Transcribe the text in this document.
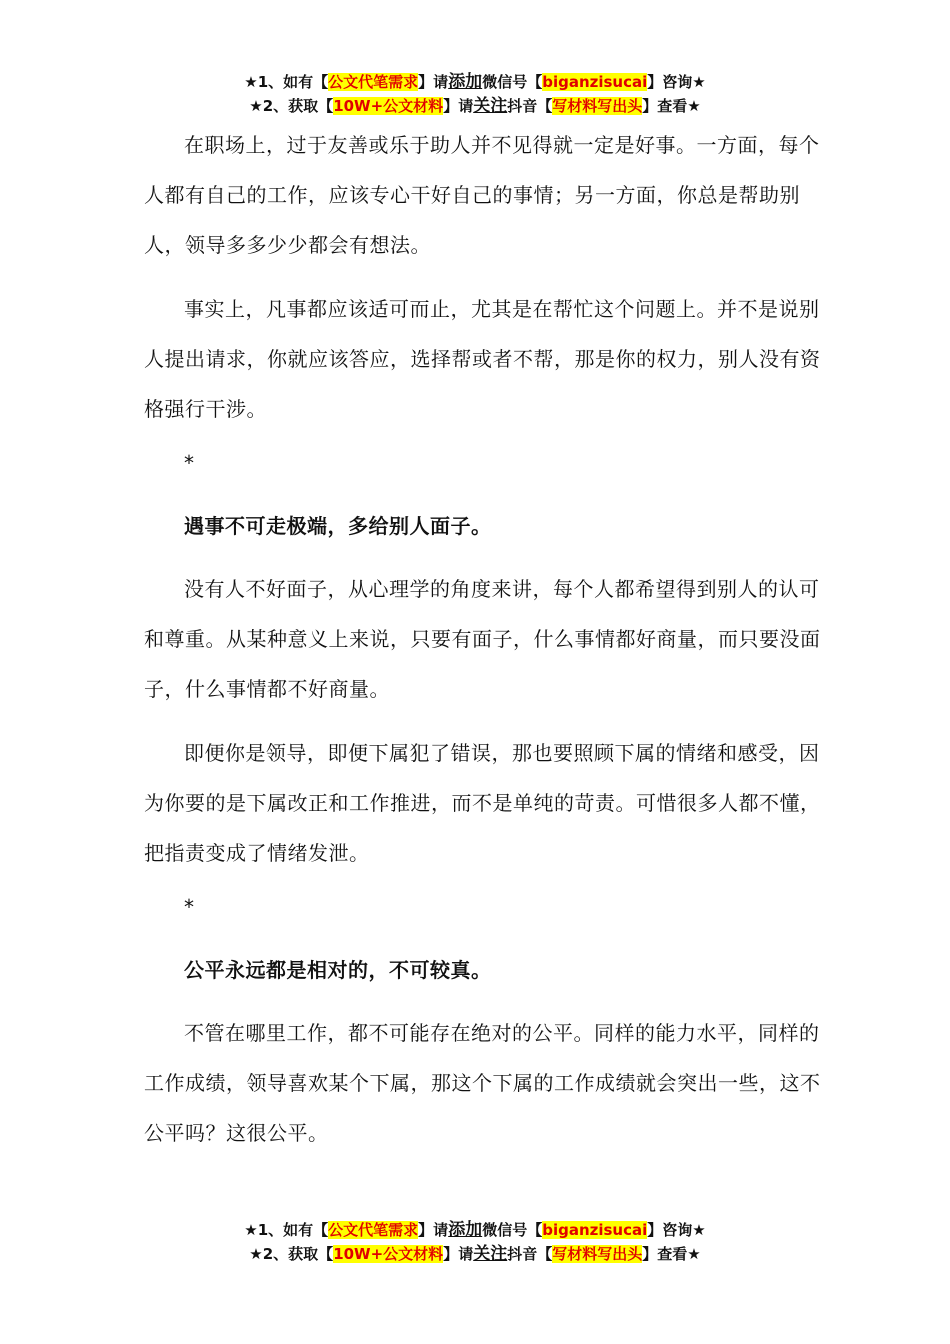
★1、如有【公文代笔需求】请添加微信号【biganzisucai】咨询★
★2、获取【10W+公文材料】请关注抖音【写材料写出头】查看★

在职场上，过于友善或乐于助人并不见得就一定是好事。一方面，每个人都有自己的工作，应该专心干好自己的事情；另一方面，你总是帮助别人，领导多多少少都会有想法。

事实上，凡事都应该适可而止，尤其是在帮忙这个问题上。并不是说别人提出请求，你就应该答应，选择帮或者不帮，那是你的权力，别人没有资格强行干涉。

*

遇事不可走极端，多给别人面子。

没有人不好面子，从心理学的角度来讲，每个人都希望得到别人的认可和尊重。从某种意义上来说，只要有面子，什么事情都好商量，而只要没面子，什么事情都不好商量。

即便你是领导，即便下属犯了错误，那也要照顾下属的情绪和感受，因为你要的是下属改正和工作推进，而不是单纯的苛责。可惜很多人都不懂，把指责变成了情绪发泄。

*

公平永远都是相对的，不可较真。

不管在哪里工作，都不可能存在绝对的公平。同样的能力水平，同样的工作成绩，领导喜欢某个下属，那这个下属的工作成绩就会突出一些，这不公平吗？这很公平。

★1、如有【公文代笔需求】请添加微信号【biganzisucai】咨询★
★2、获取【10W+公文材料】请关注抖音【写材料写出头】查看★
